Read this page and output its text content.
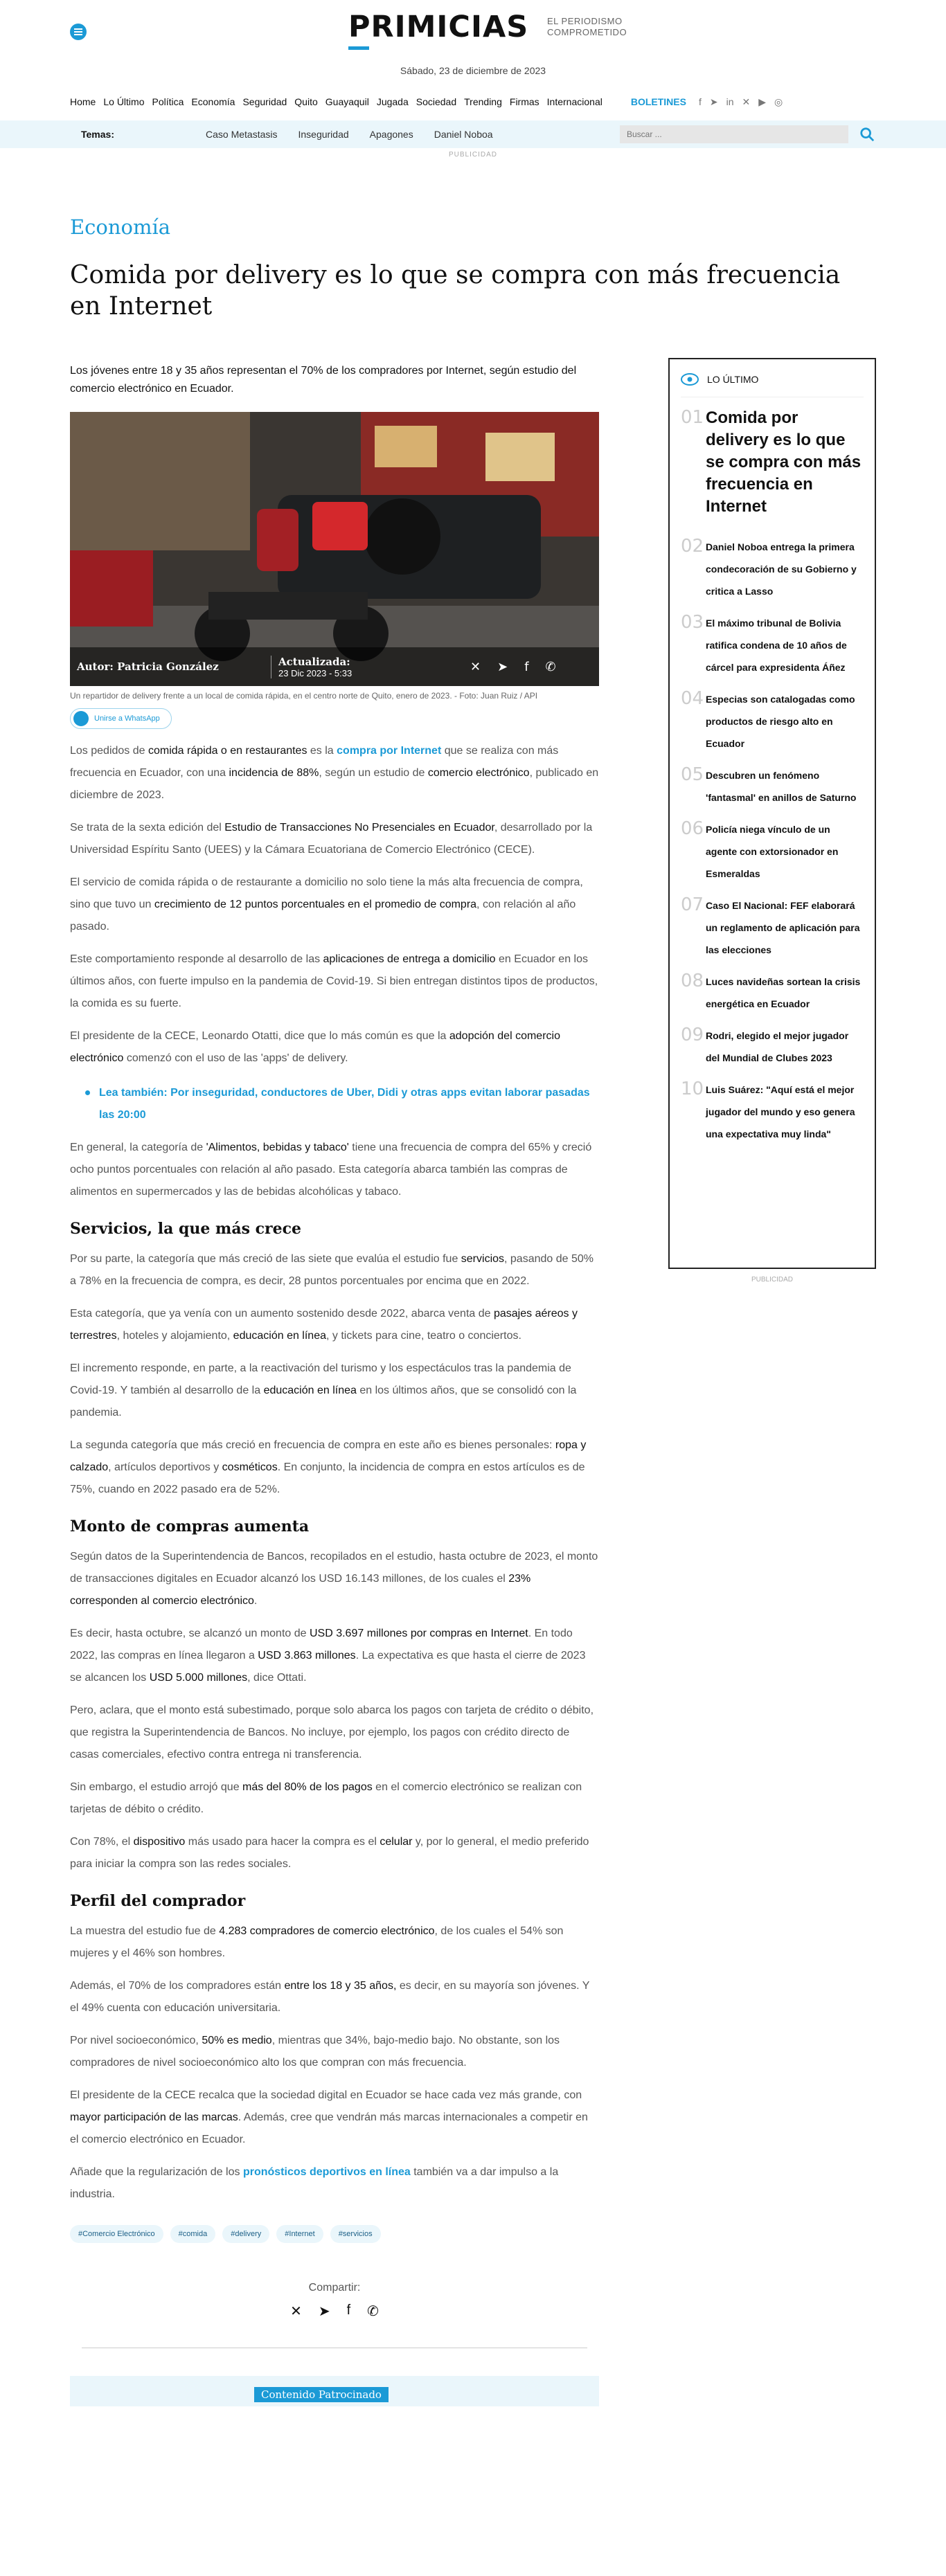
PRIMICIAS EL PERIODISMO
COMPROMETIDO
Sábado, 23 de diciembre de 2023
Home Lo Último Política Economía Seguridad Quito Guayaquil Jugada Sociedad Trending Firmas Internacional	BOLETINES f ➤ in ✕ ▶ ◎
Temas:	Caso Metastasis Inseguridad Apagones Daniel Noboa
Buscar ...
PUBLICIDAD
Economía
Comida por delivery es lo que se compra con más frecuencia en Internet
Los jóvenes entre 18 y 35 años representan el 70% de los compradores por Internet, según estudio del comercio electrónico en Ecuador.
Autor: Patricia González	Actualizada:
23 Dic 2023 - 5:33	✕ ➤ f ✆
Un repartidor de delivery frente a un local de comida rápida, en el centro norte de Quito, enero de 2023. - Foto: Juan Ruiz / API
Unirse a WhatsApp

Los pedidos de comida rápida o en restaurantes es la compra por Internet que se realiza con más frecuencia en Ecuador, con una incidencia de 88%, según un estudio de comercio electrónico, publicado en diciembre de 2023.

Se trata de la sexta edición del Estudio de Transacciones No Presenciales en Ecuador, desarrollado por la Universidad Espíritu Santo (UEES) y la Cámara Ecuatoriana de Comercio Electrónico (CECE).

El servicio de comida rápida o de restaurante a domicilio no solo tiene la más alta frecuencia de compra, sino que tuvo un crecimiento de 12 puntos porcentuales en el promedio de compra, con relación al año pasado.

Este comportamiento responde al desarrollo de las aplicaciones de entrega a domicilio en Ecuador en los últimos años, con fuerte impulso en la pandemia de Covid-19. Si bien entregan distintos tipos de productos, la comida es su fuerte.

El presidente de la CECE, Leonardo Otatti, dice que lo más común es que la adopción del comercio electrónico comenzó con el uso de las 'apps' de delivery.

Lea también: Por inseguridad, conductores de Uber, Didi y otras apps evitan laborar pasadas las 20:00

En general, la categoría de 'Alimentos, bebidas y tabaco' tiene una frecuencia de compra del 65% y creció ocho puntos porcentuales con relación al año pasado. Esta categoría abarca también las compras de alimentos en supermercados y las de bebidas alcohólicas y tabaco.

Servicios, la que más crece

Por su parte, la categoría que más creció de las siete que evalúa el estudio fue servicios, pasando de 50% a 78% en la frecuencia de compra, es decir, 28 puntos porcentuales por encima que en 2022.

Esta categoría, que ya venía con un aumento sostenido desde 2022, abarca venta de pasajes aéreos y terrestres, hoteles y alojamiento, educación en línea, y tickets para cine, teatro o conciertos.

El incremento responde, en parte, a la reactivación del turismo y los espectáculos tras la pandemia de Covid-19. Y también al desarrollo de la educación en línea en los últimos años, que se consolidó con la pandemia.

La segunda categoría que más creció en frecuencia de compra en este año es bienes personales: ropa y calzado, artículos deportivos y cosméticos. En conjunto, la incidencia de compra en estos artículos es de 75%, cuando en 2022 pasado era de 52%.

Monto de compras aumenta

Según datos de la Superintendencia de Bancos, recopilados en el estudio, hasta octubre de 2023, el monto de transacciones digitales en Ecuador alcanzó los USD 16.143 millones, de los cuales el 23% corresponden al comercio electrónico.

Es decir, hasta octubre, se alcanzó un monto de USD 3.697 millones por compras en Internet. En todo 2022, las compras en línea llegaron a USD 3.863 millones. La expectativa es que hasta el cierre de 2023 se alcancen los USD 5.000 millones, dice Ottati.

Pero, aclara, que el monto está subestimado, porque solo abarca los pagos con tarjeta de crédito o débito, que registra la Superintendencia de Bancos. No incluye, por ejemplo, los pagos con crédito directo de casas comerciales, efectivo contra entrega ni transferencia.

Sin embargo, el estudio arrojó que más del 80% de los pagos en el comercio electrónico se realizan con tarjetas de débito o crédito.

Con 78%, el dispositivo más usado para hacer la compra es el celular y, por lo general, el medio preferido para iniciar la compra son las redes sociales.

Perfil del comprador

La muestra del estudio fue de 4.283 compradores de comercio electrónico, de los cuales el 54% son mujeres y el 46% son hombres.

Además, el 70% de los compradores están entre los 18 y 35 años, es decir, en su mayoría son jóvenes. Y el 49% cuenta con educación universitaria.

Por nivel socioeconómico, 50% es medio, mientras que 34%, bajo-medio bajo. No obstante, son los compradores de nivel socioeconómico alto los que compran con más frecuencia.

El presidente de la CECE recalca que la sociedad digital en Ecuador se hace cada vez más grande, con mayor participación de las marcas. Además, cree que vendrán más marcas internacionales a competir en el comercio electrónico en Ecuador.

Añade que la regularización de los pronósticos deportivos en línea también va a dar impulso a la industria.

#Comercio Electrónico	#comida	#delivery	#Internet	#servicios
Compartir:
✕ ➤ f ✆
Contenido Patrocinado
LO ÚLTIMO
01 Comida por delivery es lo que se compra con más frecuencia en Internet
02 Daniel Noboa entrega la primera condecoración de su Gobierno y critica a Lasso
03 El máximo tribunal de Bolivia ratifica condena de 10 años de cárcel para expresidenta Áñez
04 Especias son catalogadas como productos de riesgo alto en Ecuador
05 Descubren un fenómeno 'fantasmal' en anillos de Saturno
06 Policía niega vínculo de un agente con extorsionador en Esmeraldas
07 Caso El Nacional: FEF elaborará un reglamento de aplicación para las elecciones
08 Luces navideñas sortean la crisis energética en Ecuador
09 Rodri, elegido el mejor jugador del Mundial de Clubes 2023
10 Luis Suárez: "Aquí está el mejor jugador del mundo y eso genera una expectativa muy linda"
PUBLICIDAD
